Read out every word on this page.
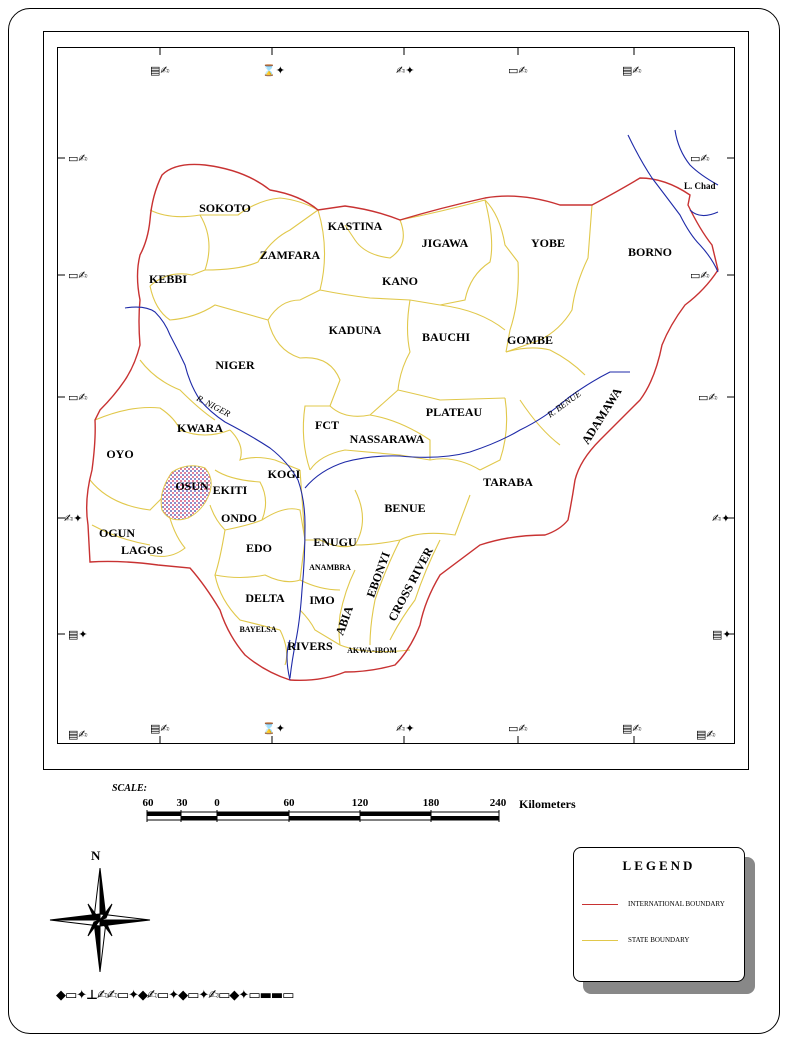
▤✍	⌛✦	✍✦	▭✍	▤✍
▭✍	▭✍
▭✍	▭✍
▭✍	▭✍
✍✦	✍✦
▤✦	▤✦
▤✍	▤✍	⌛✦	✍✦	▭✍	▤✍	▤✍
SOKOTO
KASTINA
JIGAWA	YOBE
BORNO
ZAMFARA
KEBBI	KANO
KADUNA	BAUCHI	GOMBE
NIGER
FCT
NASSARAWA
PLATEAU	ADAMAWA
KWARA
OYO
OSUN EKITI
KOGI
TARABA
ONDO
OGUN
LAGOS
BENUE
EDO	ENUGU
ANAMBRA EBONYI
CROSS RIVER
DELTA IMO
ABIA
BAYELSA
RIVERS AKWA-IBOM
R. NIGER	R. BENUE
L. Chad
SCALE:
60 30 0	60	120	180	240 Kilometers
N
LEGEND
INTERNATIONAL BOUNDARY
STATE BOUNDARY
◆▭✦⊥✍✍▭✦◆✍▭✦◆▭✦✍▭◆✦▭▬▬▭
